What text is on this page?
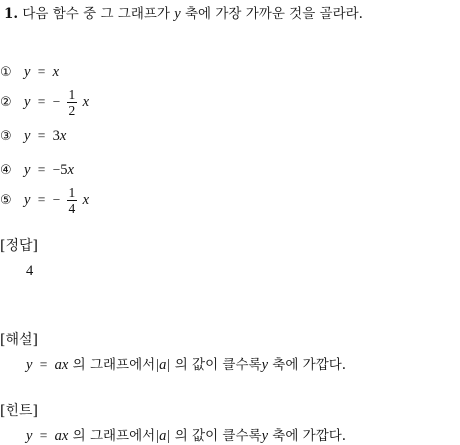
1. 다음 함수 중 그 그래프가 y 축에 가장 가까운 것을 골라라.
① y = x
② y = − $\frac{1}{2}$ x
③ y = 3x
④ y = −5x
⑤ y = − $\frac{1}{4}$ x
[정답]
4
[해설]
y = ax 의 그래프에서|a| 의 값이 클수록y 축에 가깝다.
[힌트]
y = ax 의 그래프에서|a| 의 값이 클수록y 축에 가깝다.
